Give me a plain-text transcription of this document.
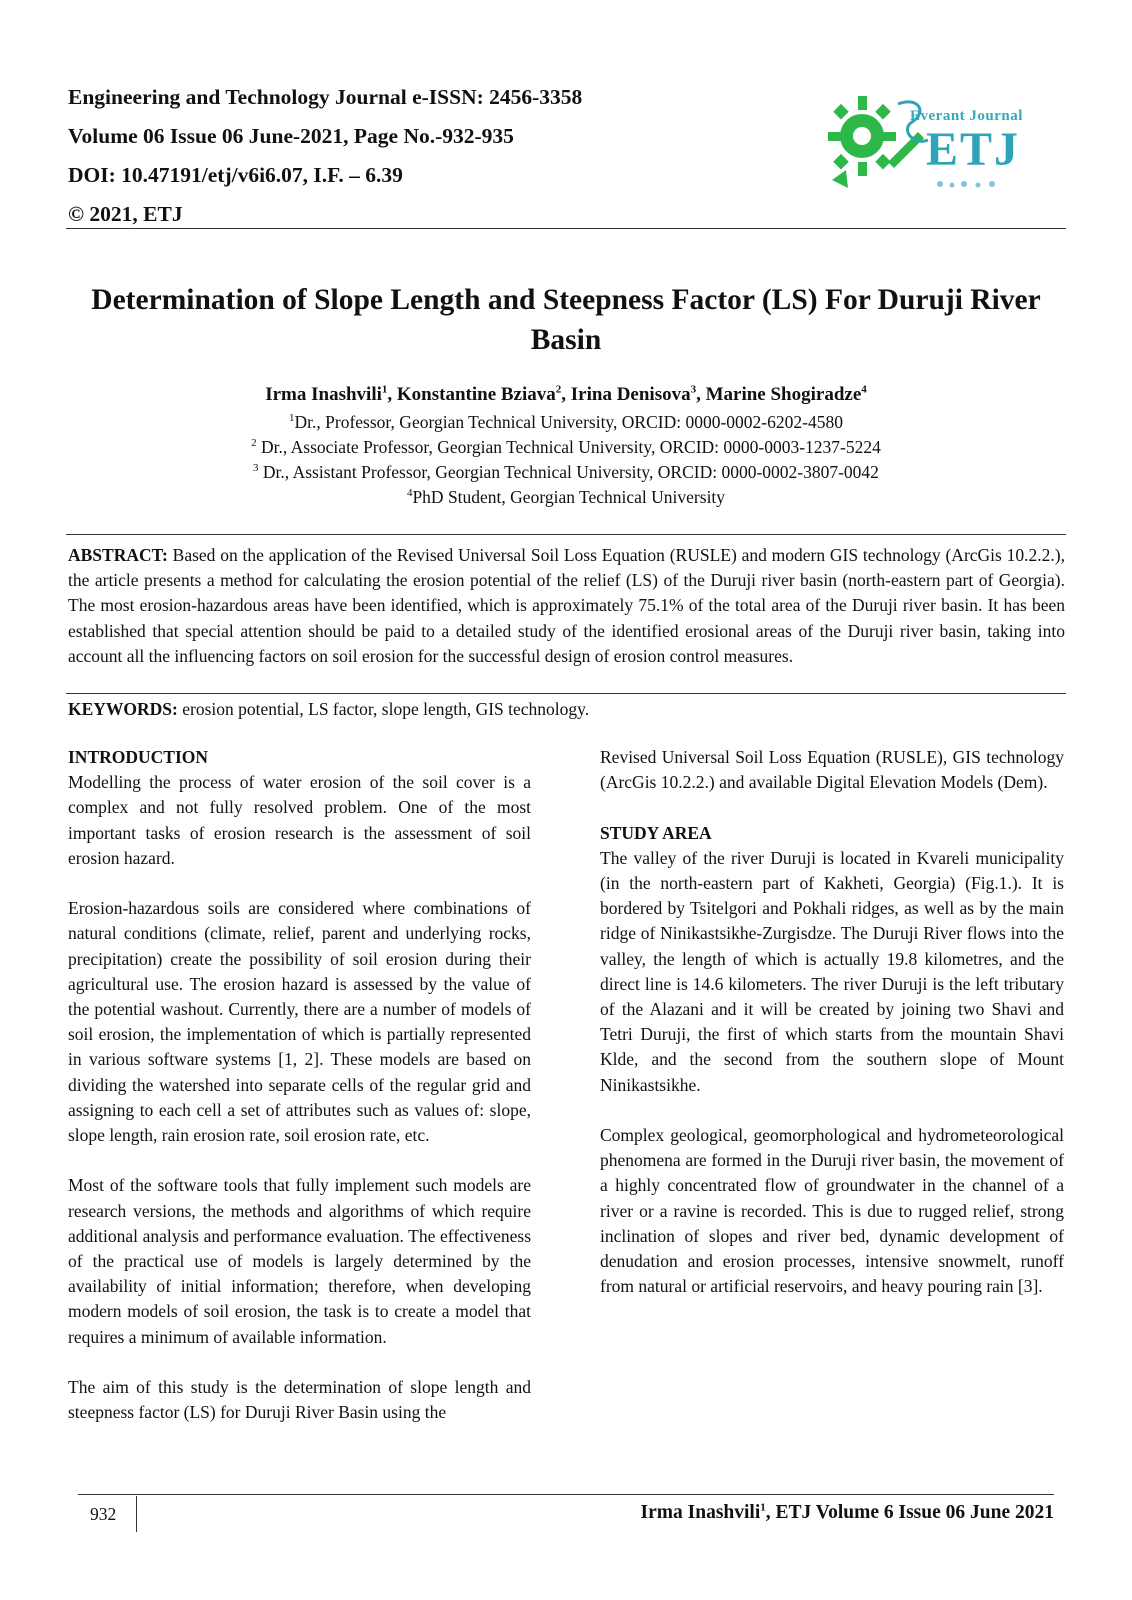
Engineering and Technology Journal e-ISSN: 2456-3358
Volume 06 Issue 06 June-2021, Page No.-932-935
DOI: 10.47191/etj/v6i6.07, I.F. – 6.39
© 2021, ETJ
Everant Journal
ETJ
Determination of Slope Length and Steepness Factor (LS) For Duruji River Basin
Irma Inashvili$^1$, Konstantine Bziava$^2$, Irina Denisova$^3$, Marine Shogiradze$^4$
$^1$Dr., Professor, Georgian Technical University, ORCID: 0000-0002-6202-4580
$^2$ Dr., Associate Professor, Georgian Technical University, ORCID: 0000-0003-1237-5224
$^3$ Dr., Assistant Professor, Georgian Technical University, ORCID: 0000-0002-3807-0042
$^4$PhD Student, Georgian Technical University
ABSTRACT: Based on the application of the Revised Universal Soil Loss Equation (RUSLE) and modern GIS technology (ArcGis 10.2.2.), the article presents a method for calculating the erosion potential of the relief (LS) of the Duruji river basin (north-eastern part of Georgia). The most erosion-hazardous areas have been identified, which is approximately 75.1% of the total area of the Duruji river basin. It has been established that special attention should be paid to a detailed study of the identified erosional areas of the Duruji river basin, taking into account all the influencing factors on soil erosion for the successful design of erosion control measures.
KEYWORDS: erosion potential, LS factor, slope length, GIS technology.
INTRODUCTION

Modelling the process of water erosion of the soil cover is a complex and not fully resolved problem. One of the most important tasks of erosion research is the assessment of soil erosion hazard.

Erosion-hazardous soils are considered where combinations of natural conditions (climate, relief, parent and underlying rocks, precipitation) create the possibility of soil erosion during their agricultural use. The erosion hazard is assessed by the value of the potential washout. Currently, there are a number of models of soil erosion, the implementation of which is partially represented in various software systems [1, 2]. These models are based on dividing the watershed into separate cells of the regular grid and assigning to each cell a set of attributes such as values of: slope, slope length, rain erosion rate, soil erosion rate, etc.

Most of the software tools that fully implement such models are research versions, the methods and algorithms of which require additional analysis and performance evaluation. The effectiveness of the practical use of models is largely determined by the availability of initial information; therefore, when developing modern models of soil erosion, the task is to create a model that requires a minimum of available information.

The aim of this study is the determination of slope length and steepness factor (LS) for Duruji River Basin using the

Revised Universal Soil Loss Equation (RUSLE), GIS technology (ArcGis 10.2.2.) and available Digital Elevation Models (Dem).

STUDY AREA

The valley of the river Duruji is located in Kvareli municipality (in the north-eastern part of Kakheti, Georgia) (Fig.1.). It is bordered by Tsitelgori and Pokhali ridges, as well as by the main ridge of Ninikastsikhe-Zurgisdze. The Duruji River flows into the valley, the length of which is actually 19.8 kilometres, and the direct line is 14.6 kilometers. The river Duruji is the left tributary of the Alazani and it will be created by joining two Shavi and Tetri Duruji, the first of which starts from the mountain Shavi Klde, and the second from the southern slope of Mount Ninikastsikhe.

Complex geological, geomorphological and hydrometeorological phenomena are formed in the Duruji river basin, the movement of a highly concentrated flow of groundwater in the channel of a river or a ravine is recorded. This is due to rugged relief, strong inclination of slopes and river bed, dynamic development of denudation and erosion processes, intensive snowmelt, runoff from natural or artificial reservoirs, and heavy pouring rain [3].

932	Irma Inashvili$^1$, ETJ Volume 6 Issue 06 June 2021
